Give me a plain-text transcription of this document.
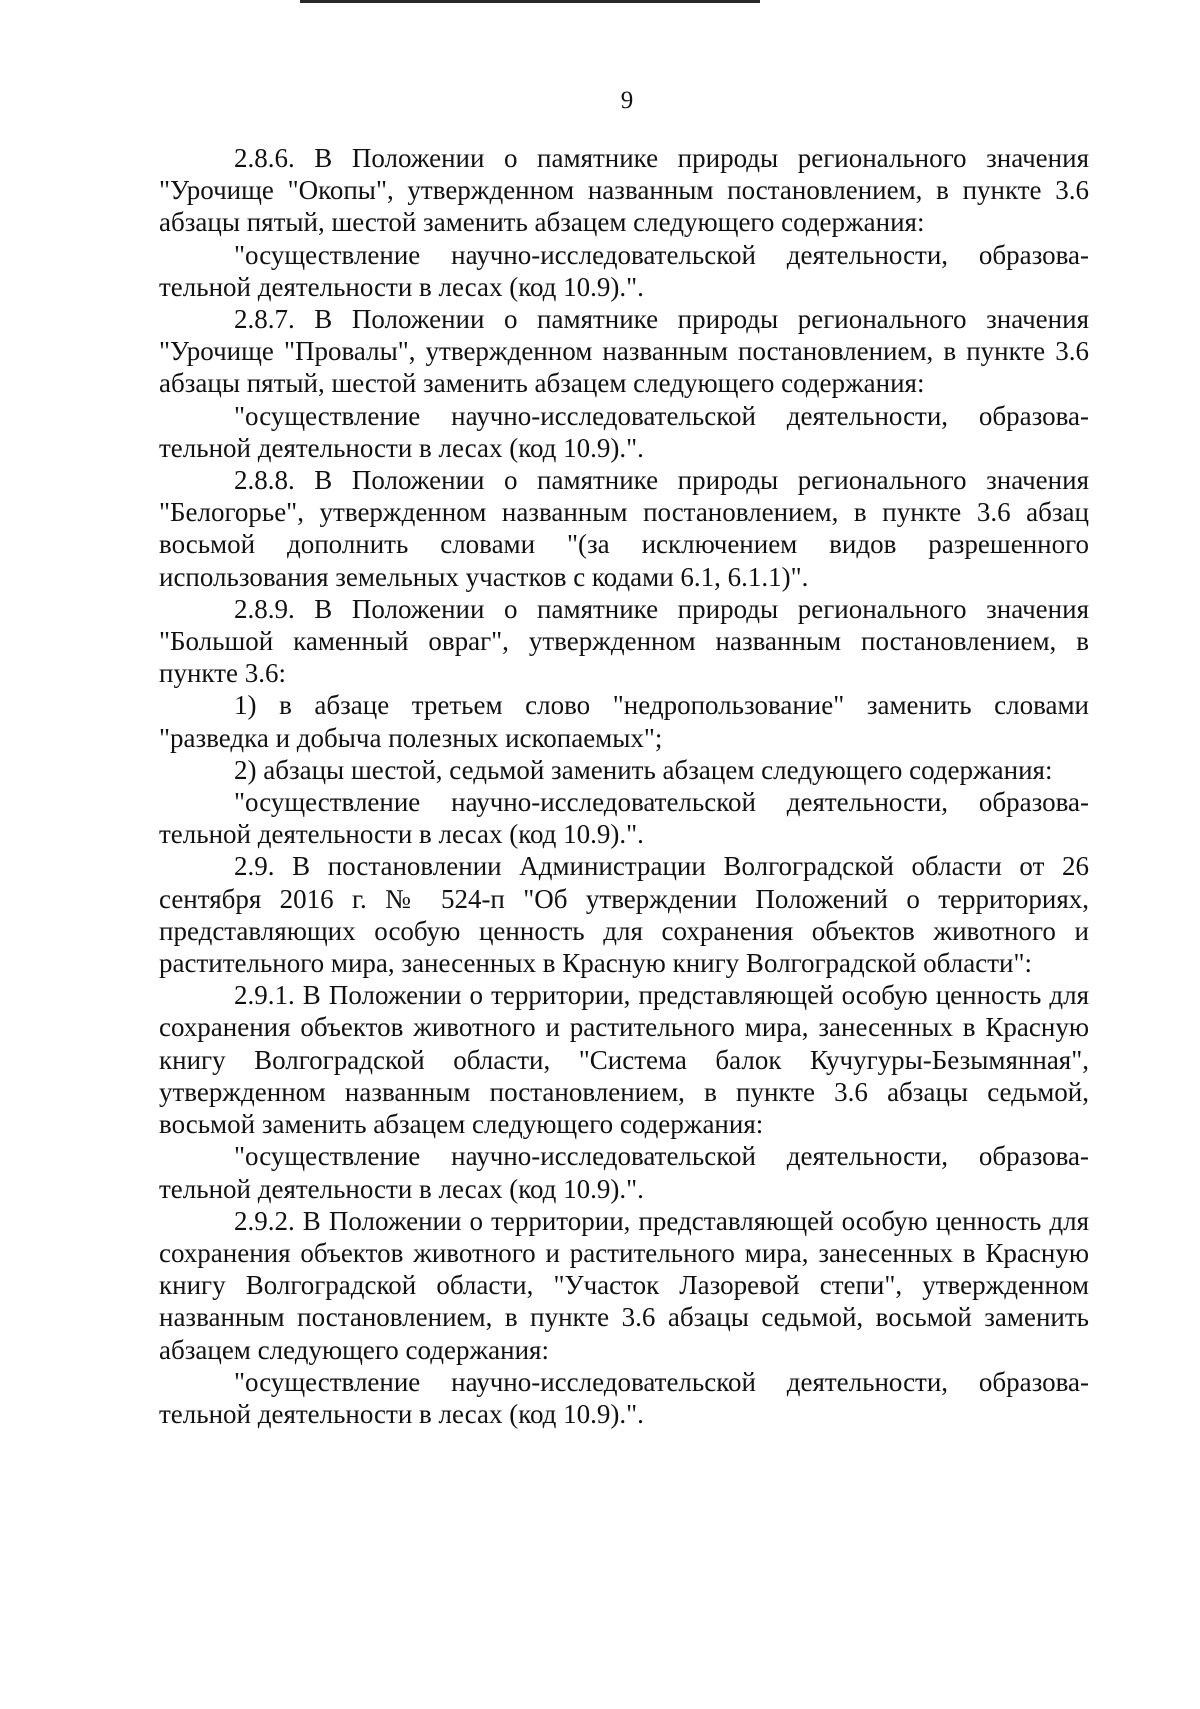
9

2.8.6. В Положении о памятнике природы регионального значения "Урочище "Окопы", утвержденном названным постановлением, в пункте 3.6 абзацы пятый, шестой заменить абзацем следующего содержания:

"осуществление научно-исследовательской деятельности, образова-тельной деятельности в лесах (код 10.9).".

2.8.7. В Положении о памятнике природы регионального значения "Урочище "Провалы", утвержденном названным постановлением, в пункте 3.6 абзацы пятый, шестой заменить абзацем следующего содержания:

"осуществление научно-исследовательской деятельности, образова-тельной деятельности в лесах (код 10.9).".

2.8.8. В Положении о памятнике природы регионального значения "Белогорье", утвержденном названным постановлением, в пункте 3.6 абзац восьмой дополнить словами "(за исключением видов разрешенного использования земельных участков с кодами 6.1, 6.1.1)".

2.8.9. В Положении о памятнике природы регионального значения "Большой каменный овраг", утвержденном названным постановлением, в пункте 3.6:

1) в абзаце третьем слово "недропользование" заменить словами "разведка и добыча полезных ископаемых";

2) абзацы шестой, седьмой заменить абзацем следующего содержания:

"осуществление научно-исследовательской деятельности, образова-тельной деятельности в лесах (код 10.9).".

2.9. В постановлении Администрации Волгоградской области от 26 сентября 2016 г. № 524-п "Об утверждении Положений о территориях, представляющих особую ценность для сохранения объектов животного и растительного мира, занесенных в Красную книгу Волгоградской области":

2.9.1. В Положении о территории, представляющей особую ценность для сохранения объектов животного и растительного мира, занесенных в Красную книгу Волгоградской области, "Система балок Кучугуры-Безымянная", утвержденном названным постановлением, в пункте 3.6 абзацы седьмой, восьмой заменить абзацем следующего содержания:

"осуществление научно-исследовательской деятельности, образова-тельной деятельности в лесах (код 10.9).".

2.9.2. В Положении о территории, представляющей особую ценность для сохранения объектов животного и растительного мира, занесенных в Красную книгу Волгоградской области, "Участок Лазоревой степи", утвержденном названным постановлением, в пункте 3.6 абзацы седьмой, восьмой заменить абзацем следующего содержания:

"осуществление научно-исследовательской деятельности, образова-тельной деятельности в лесах (код 10.9).".
